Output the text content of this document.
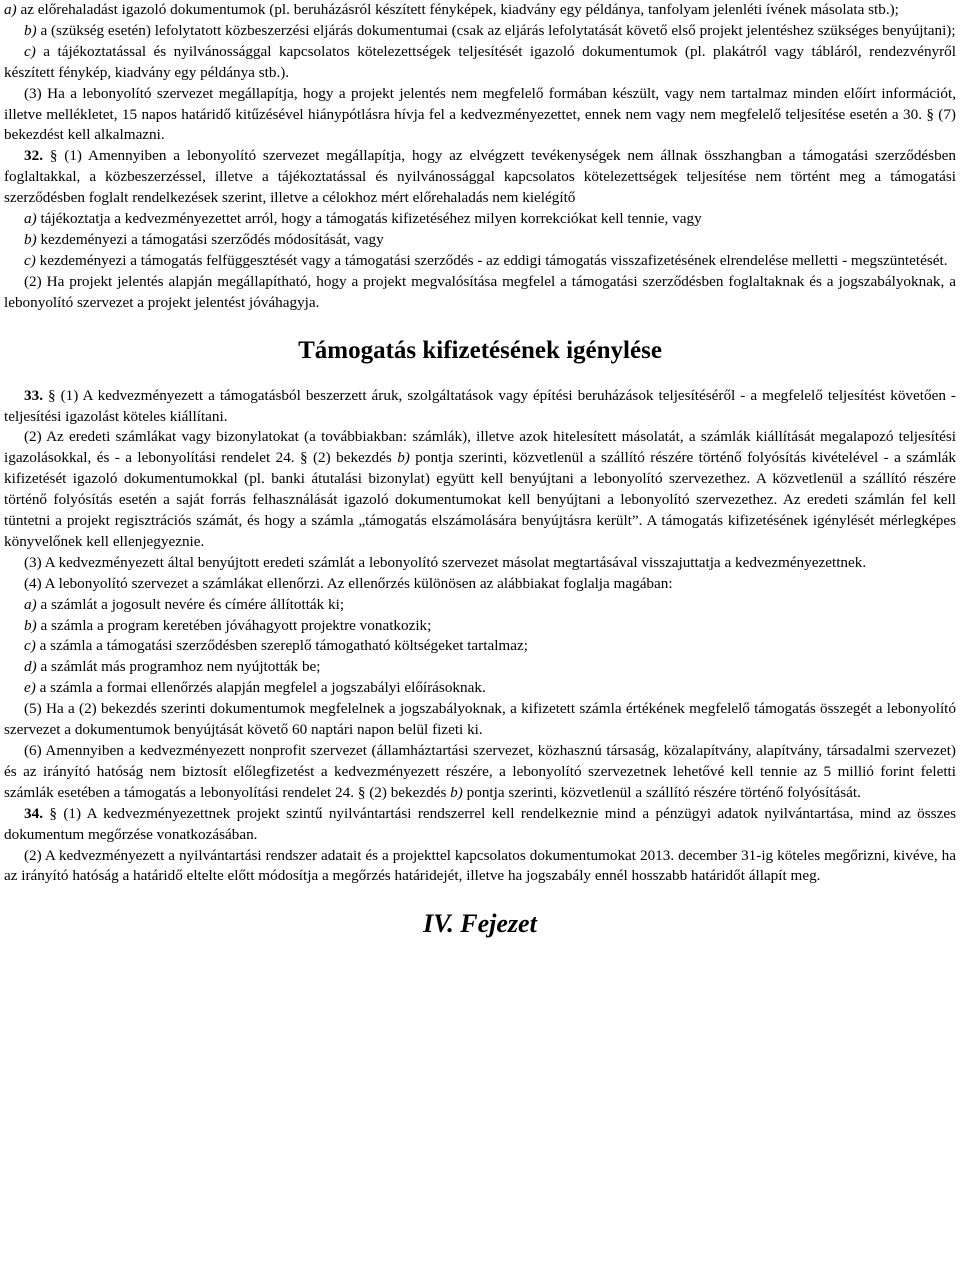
a) az előrehaladást igazoló dokumentumok (pl. beruházásról készített fényképek, kiadvány egy példánya, tanfolyam jelenléti ívének másolata stb.);

b) a (szükség esetén) lefolytatott közbeszerzési eljárás dokumentumai (csak az eljárás lefolytatását követő első projekt jelentéshez szükséges benyújtani);

c) a tájékoztatással és nyilvánossággal kapcsolatos kötelezettségek teljesítését igazoló dokumentumok (pl. plakátról vagy tábláról, rendezvényről készített fénykép, kiadvány egy példánya stb.).

(3) Ha a lebonyolító szervezet megállapítja, hogy a projekt jelentés nem megfelelő formában készült, vagy nem tartalmaz minden előírt információt, illetve mellékletet, 15 napos határidő kitűzésével hiánypótlásra hívja fel a kedvezményezettet, ennek nem vagy nem megfelelő teljesítése esetén a 30. § (7) bekezdést kell alkalmazni.

32. § (1) Amennyiben a lebonyolító szervezet megállapítja, hogy az elvégzett tevékenységek nem állnak összhangban a támogatási szerződésben foglaltakkal, a közbeszerzéssel, illetve a tájékoztatással és nyilvánossággal kapcsolatos kötelezettségek teljesítése nem történt meg a támogatási szerződésben foglalt rendelkezések szerint, illetve a célokhoz mért előrehaladás nem kielégítő

a) tájékoztatja a kedvezményezettet arról, hogy a támogatás kifizetéséhez milyen korrekciókat kell tennie, vagy

b) kezdeményezi a támogatási szerződés módosítását, vagy

c) kezdeményezi a támogatás felfüggesztését vagy a támogatási szerződés - az eddigi támogatás visszafizetésének elrendelése melletti - megszüntetését.

(2) Ha projekt jelentés alapján megállapítható, hogy a projekt megvalósítása megfelel a támogatási szerződésben foglaltaknak és a jogszabályoknak, a lebonyolító szervezet a projekt jelentést jóváhagyja.

Támogatás kifizetésének igénylése

33. § (1) A kedvezményezett a támogatásból beszerzett áruk, szolgáltatások vagy építési beruházások teljesítéséről - a megfelelő teljesítést követően - teljesítési igazolást köteles kiállítani.

(2) Az eredeti számlákat vagy bizonylatokat (a továbbiakban: számlák), illetve azok hitelesített másolatát, a számlák kiállítását megalapozó teljesítési igazolásokkal, és - a lebonyolítási rendelet 24. § (2) bekezdés b) pontja szerinti, közvetlenül a szállító részére történő folyósítás kivételével - a számlák kifizetését igazoló dokumentumokkal (pl. banki átutalási bizonylat) együtt kell benyújtani a lebonyolító szervezethez. A közvetlenül a szállító részére történő folyósítás esetén a saját forrás felhasználását igazoló dokumentumokat kell benyújtani a lebonyolító szervezethez. Az eredeti számlán fel kell tüntetni a projekt regisztrációs számát, és hogy a számla „támogatás elszámolására benyújtásra került”. A támogatás kifizetésének igénylését mérlegképes könyvelőnek kell ellenjegyeznie.

(3) A kedvezményezett által benyújtott eredeti számlát a lebonyolító szervezet másolat megtartásával visszajuttatja a kedvezményezettnek.

(4) A lebonyolító szervezet a számlákat ellenőrzi. Az ellenőrzés különösen az alábbiakat foglalja magában:

a) a számlát a jogosult nevére és címére állították ki;

b) a számla a program keretében jóváhagyott projektre vonatkozik;

c) a számla a támogatási szerződésben szereplő támogatható költségeket tartalmaz;

d) a számlát más programhoz nem nyújtották be;

e) a számla a formai ellenőrzés alapján megfelel a jogszabályi előírásoknak.

(5) Ha a (2) bekezdés szerinti dokumentumok megfelelnek a jogszabályoknak, a kifizetett számla értékének megfelelő támogatás összegét a lebonyolító szervezet a dokumentumok benyújtását követő 60 naptári napon belül fizeti ki.

(6) Amennyiben a kedvezményezett nonprofit szervezet (államháztartási szervezet, közhasznú társaság, közalapítvány, alapítvány, társadalmi szervezet) és az irányító hatóság nem biztosít előlegfizetést a kedvezményezett részére, a lebonyolító szervezetnek lehetővé kell tennie az 5 millió forint feletti számlák esetében a támogatás a lebonyolítási rendelet 24. § (2) bekezdés b) pontja szerinti, közvetlenül a szállító részére történő folyósítását.

34. § (1) A kedvezményezettnek projekt szintű nyilvántartási rendszerrel kell rendelkeznie mind a pénzügyi adatok nyilvántartása, mind az összes dokumentum megőrzése vonatkozásában.

(2) A kedvezményezett a nyilvántartási rendszer adatait és a projekttel kapcsolatos dokumentumokat 2013. december 31-ig köteles megőrizni, kivéve, ha az irányító hatóság a határidő eltelte előtt módosítja a megőrzés határidejét, illetve ha jogszabály ennél hosszabb határidőt állapít meg.

IV. Fejezet
